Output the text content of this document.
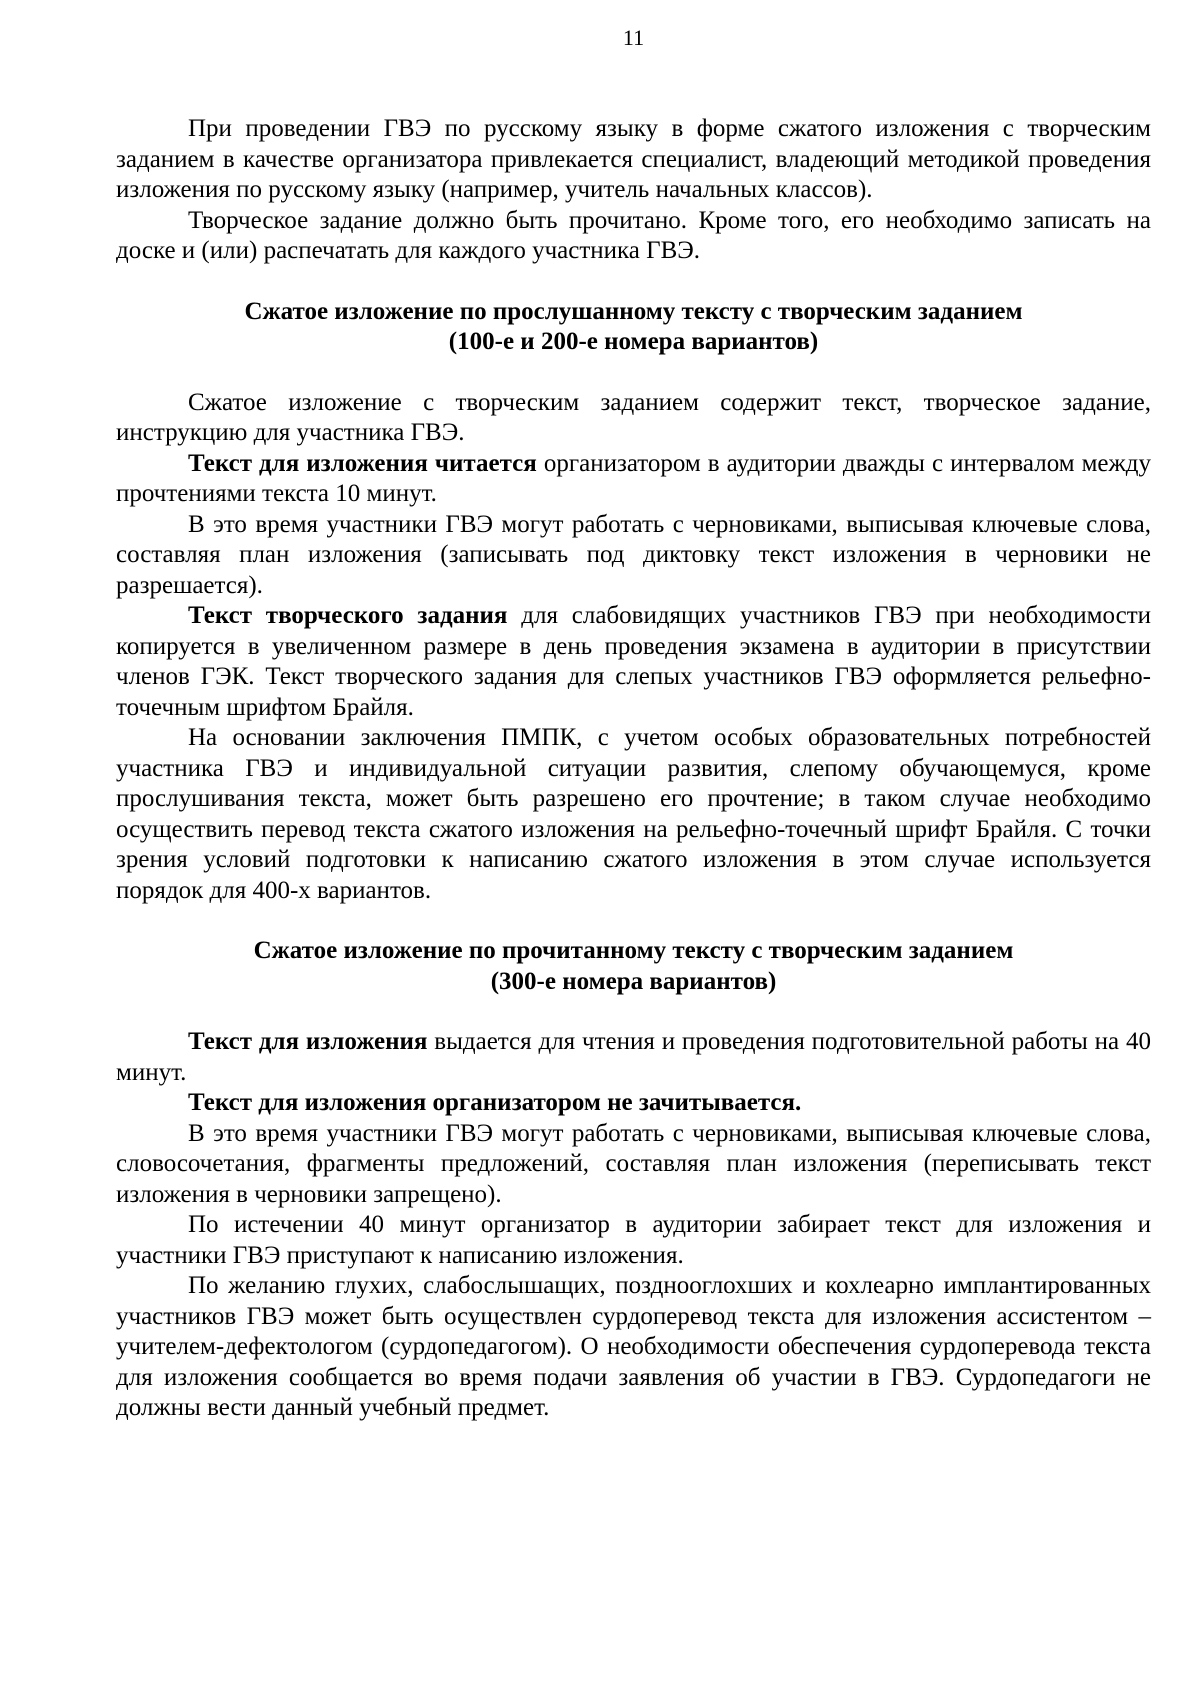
11

При проведении ГВЭ по русскому языку в форме сжатого изложения с творческим заданием в качестве организатора привлекается специалист, владеющий методикой проведения изложения по русскому языку (например, учитель начальных классов).

Творческое задание должно быть прочитано. Кроме того, его необходимо записать на доске и (или) распечатать для каждого участника ГВЭ.

Сжатое изложение по прослушанному тексту с творческим заданием
(100-е и 200-е номера вариантов)

Сжатое изложение с творческим заданием содержит текст, творческое задание, инструкцию для участника ГВЭ.

Текст для изложения читается организатором в аудитории дважды с интервалом между прочтениями текста 10 минут.

В это время участники ГВЭ могут работать с черновиками, выписывая ключевые слова, составляя план изложения (записывать под диктовку текст изложения в черновики не разрешается).

Текст творческого задания для слабовидящих участников ГВЭ при необходимости копируется в увеличенном размере в день проведения экзамена в аудитории в присутствии членов ГЭК. Текст творческого задания для слепых участников ГВЭ оформляется рельефно-точечным шрифтом Брайля.

На основании заключения ПМПК, с учетом особых образовательных потребностей участника ГВЭ и индивидуальной ситуации развития, слепому обучающемуся, кроме прослушивания текста, может быть разрешено его прочтение; в таком случае необходимо осуществить перевод текста сжатого изложения на рельефно-точечный шрифт Брайля. С точки зрения условий подготовки к написанию сжатого изложения в этом случае используется порядок для 400-х вариантов.

Сжатое изложение по прочитанному тексту с творческим заданием
(300-е номера вариантов)

Текст для изложения выдается для чтения и проведения подготовительной работы на 40 минут.

Текст для изложения организатором не зачитывается.

В это время участники ГВЭ могут работать с черновиками, выписывая ключевые слова, словосочетания, фрагменты предложений, составляя план изложения (переписывать текст изложения в черновики запрещено).

По истечении 40 минут организатор в аудитории забирает текст для изложения и участники ГВЭ приступают к написанию изложения.

По желанию глухих, слабослышащих, позднооглохших и кохлеарно имплантированных участников ГВЭ может быть осуществлен сурдоперевод текста для изложения ассистентом – учителем-дефектологом (сурдопедагогом). О необходимости обеспечения сурдоперевода текста для изложения сообщается во время подачи заявления об участии в ГВЭ. Сурдопедагоги не должны вести данный учебный предмет.
